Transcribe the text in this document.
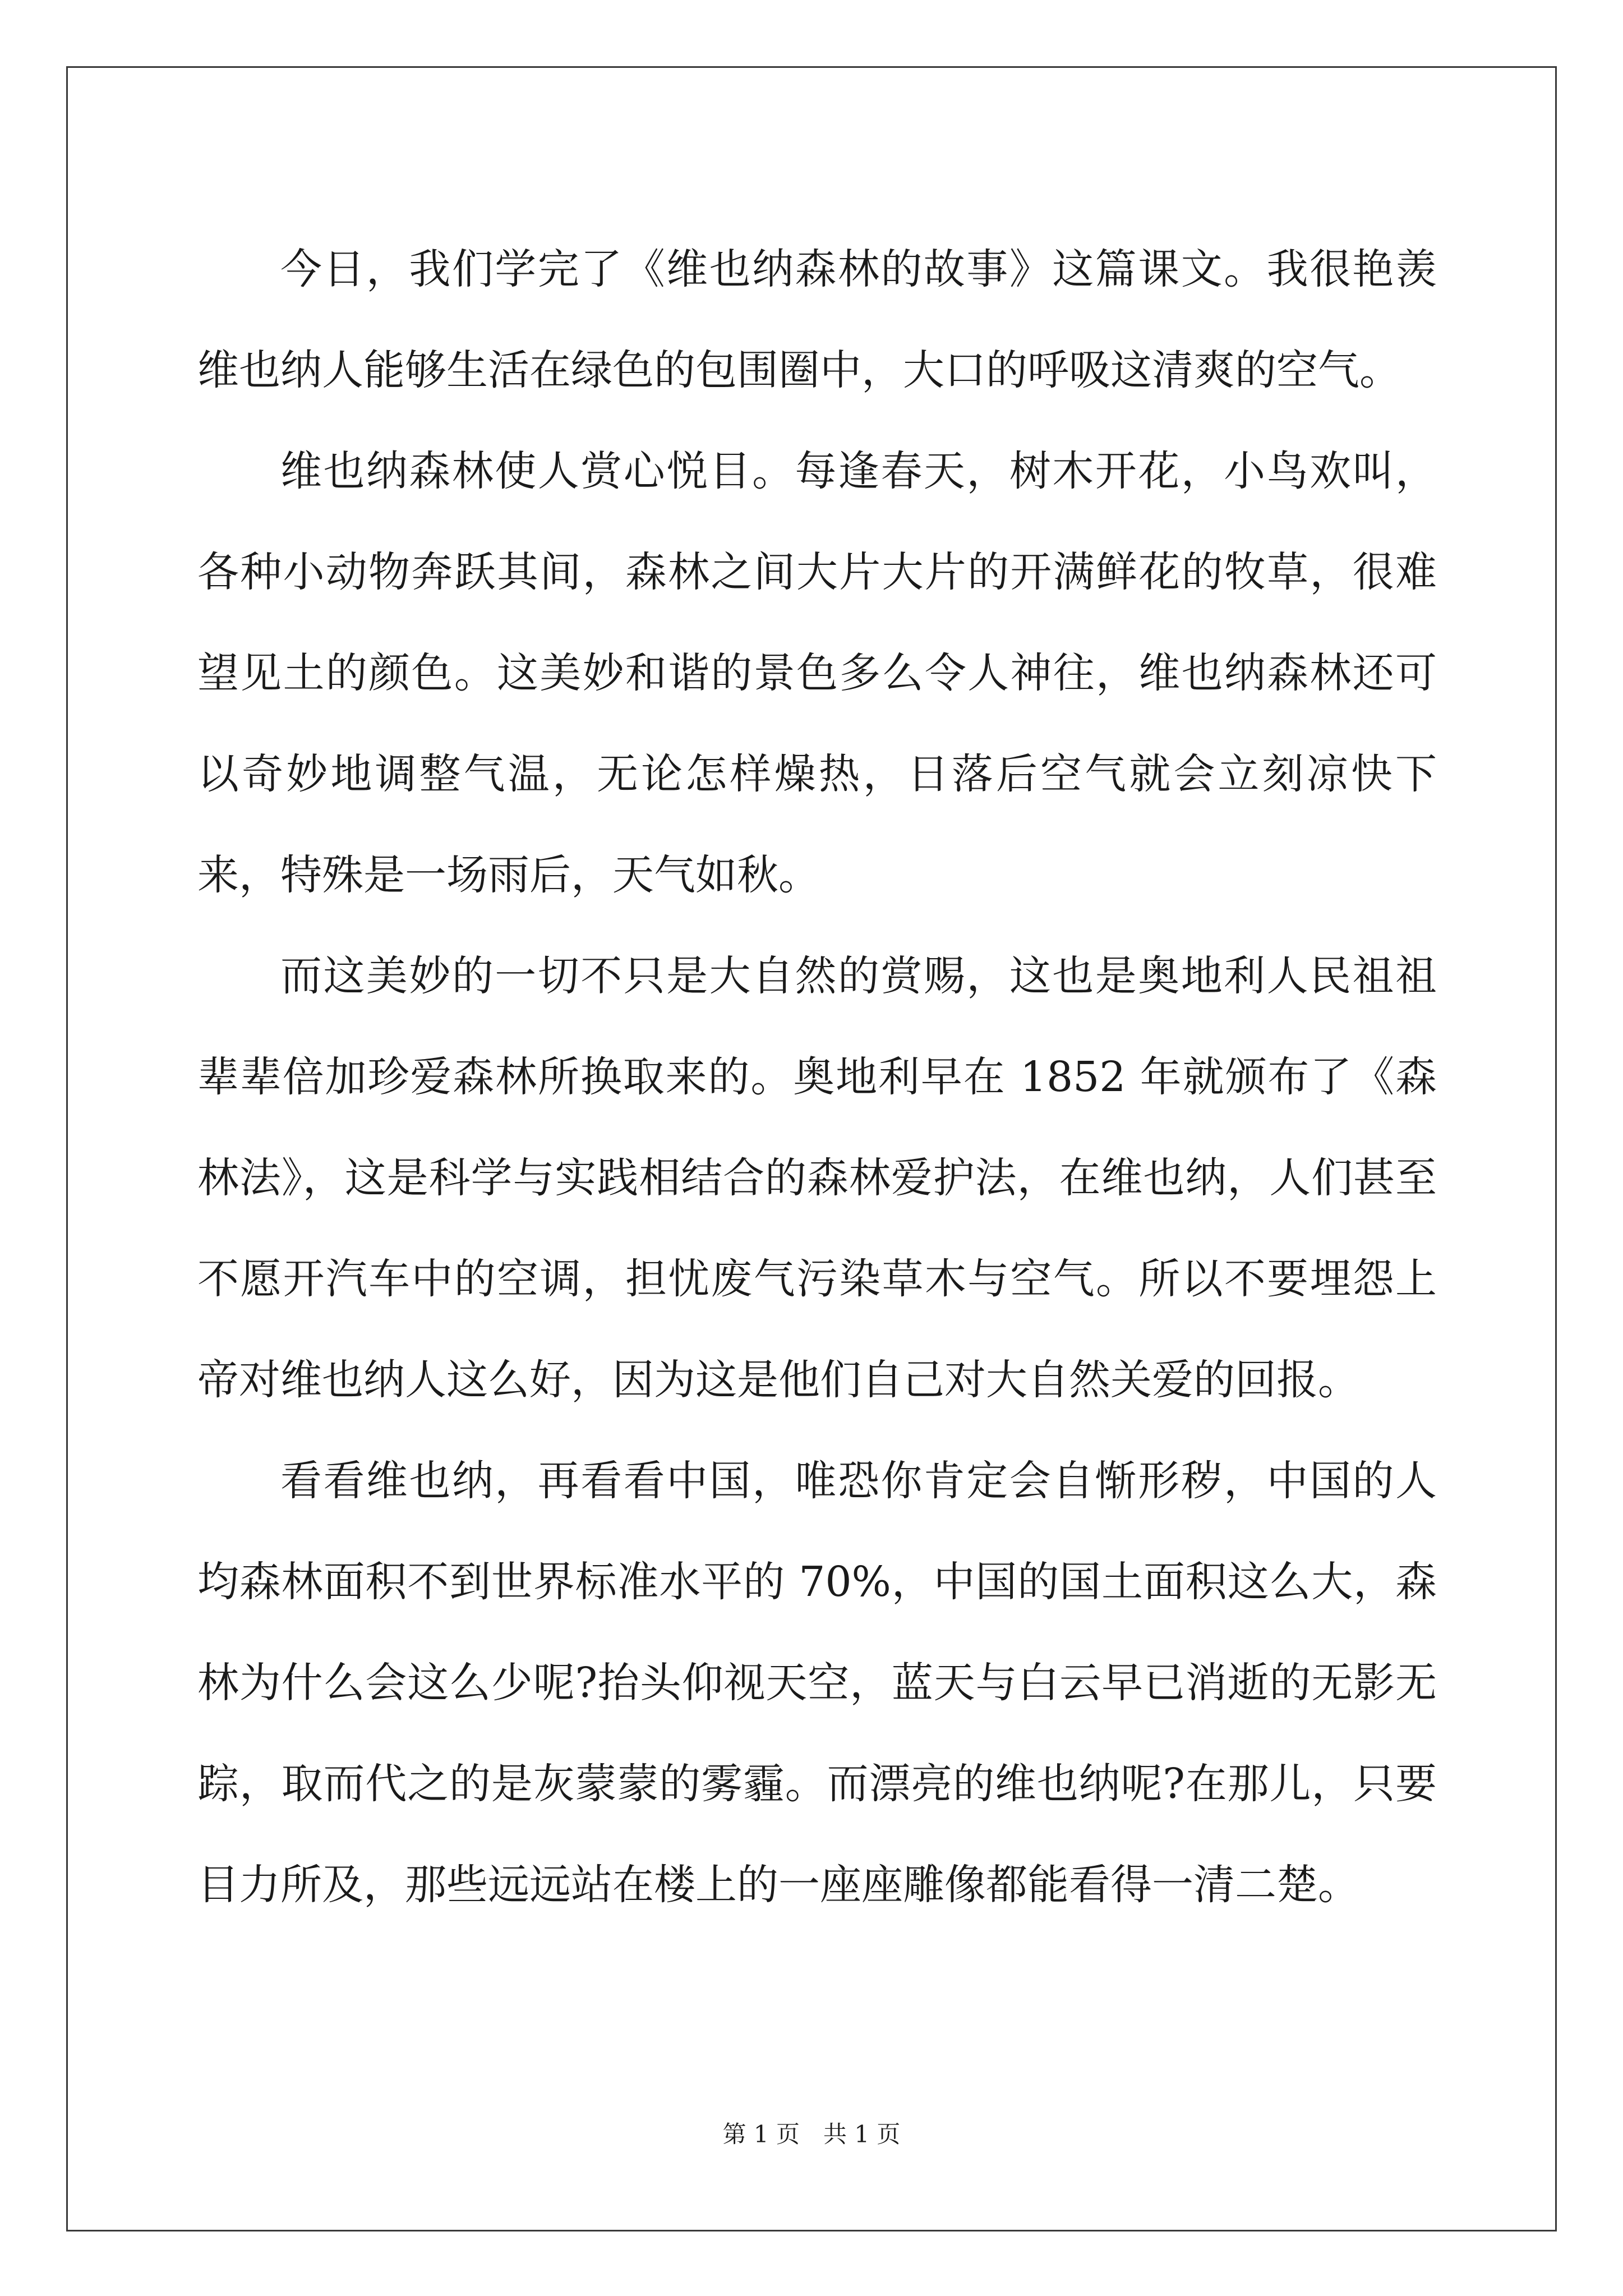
今日，我们学完了《维也纳森林的故事》这篇课文。我很艳羡维也纳人能够生活在绿色的包围圈中，大口的呼吸这清爽的空气。

维也纳森林使人赏心悦目。每逢春天，树木开花，小鸟欢叫，各种小动物奔跃其间，森林之间大片大片的开满鲜花的牧草，很难望见土的颜色。这美妙和谐的景色多么令人神往，维也纳森林还可以奇妙地调整气温，无论怎样燥热，日落后空气就会立刻凉快下来，特殊是一场雨后，天气如秋。

而这美妙的一切不只是大自然的赏赐，这也是奥地利人民祖祖辈辈倍加珍爱森林所换取来的。奥地利早在 1852 年就颁布了《森林法》，这是科学与实践相结合的森林爱护法，在维也纳，人们甚至不愿开汽车中的空调，担忧废气污染草木与空气。所以不要埋怨上帝对维也纳人这么好，因为这是他们自己对大自然关爱的回报。

看看维也纳，再看看中国，唯恐你肯定会自惭形秽，中国的人均森林面积不到世界标准水平的 70%，中国的国土面积这么大，森林为什么会这么少呢?抬头仰视天空，蓝天与白云早已消逝的无影无踪，取而代之的是灰蒙蒙的雾霾。而漂亮的维也纳呢?在那儿，只要目力所及，那些远远站在楼上的一座座雕像都能看得一清二楚。

第 1 页　共 1 页
